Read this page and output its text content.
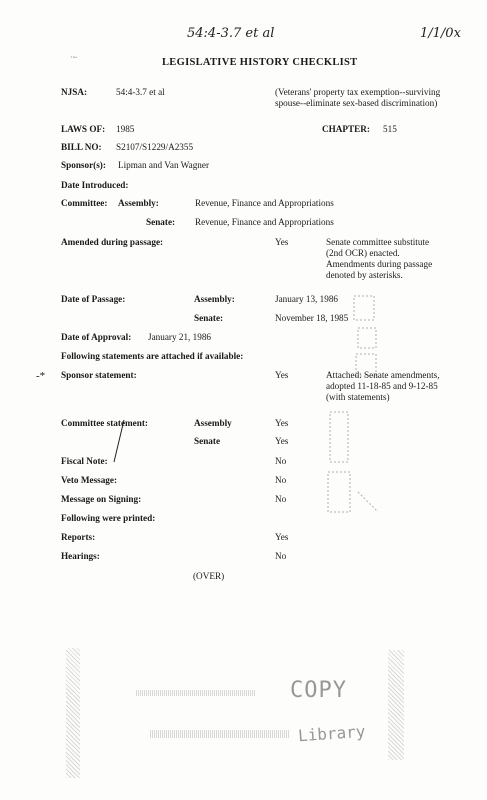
54:4-3.7 et al	1/1/0x
·~	LEGISLATIVE HISTORY CHECKLIST
NJSA:	54:4-3.7 et al	(Veterans' property tax exemption--surviving spouse--eliminate sex-based discrimination)
LAWS OF: 1985	CHAPTER: 515
BILL NO: S2107/S1229/A2355
Sponsor(s): Lipman and Van Wagner
Date Introduced:
Committee: Assembly:	Revenue, Finance and Appropriations
Senate: Revenue, Finance and Appropriations
Amended during passage:	Yes	Senate committee substitute (2nd OCR) enacted. Amendments during passage denoted by asterisks.
Date of Passage:	Assembly:	January 13, 1986
Senate:	November 18, 1985
Date of Approval: January 21, 1986
Following statements are attached if available:
-* Sponsor statement:	Yes	Attached: Senate amendments, adopted 11-18-85 and 9-12-85 (with statements)
Committee statement:	Assembly	Yes
Senate	Yes
Fiscal Note:	No
Veto Message:	No
Message on Signing:	No
Following were printed:
Reports:	Yes
Hearings:	No
(OVER)
COPY
Library
